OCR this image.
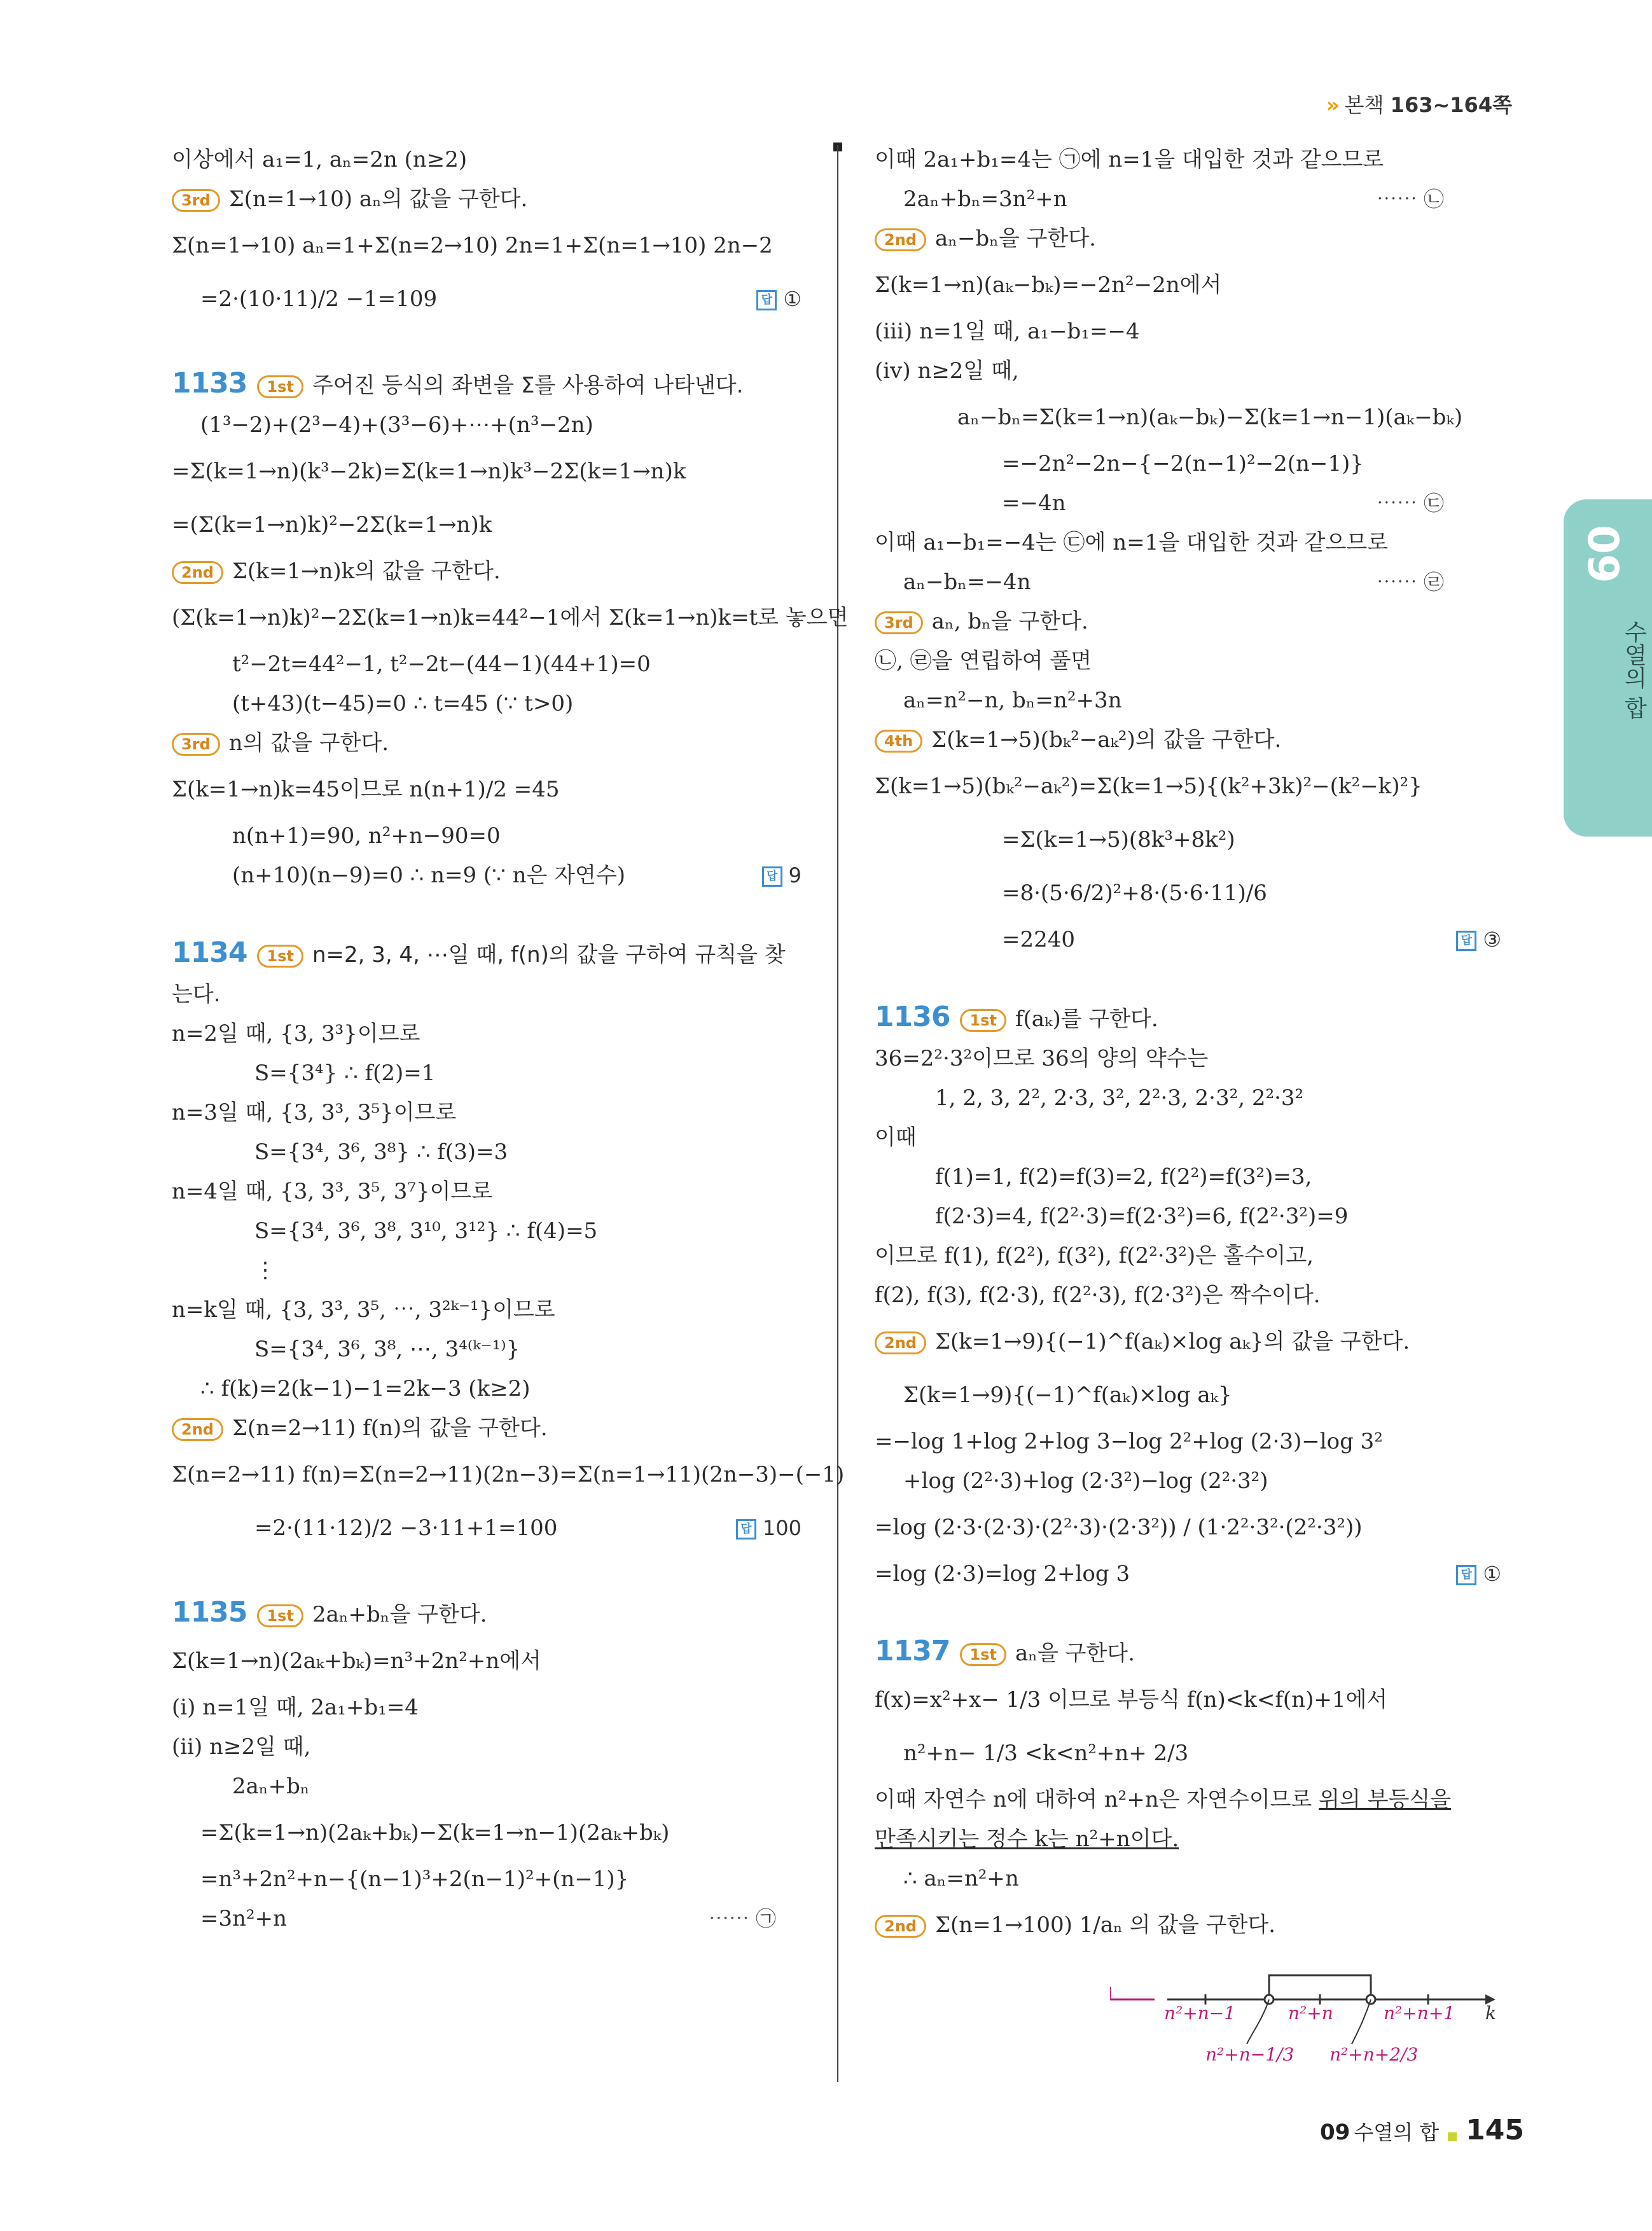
» 본책 163~164쪽
이상에서 a₁=1, aₙ=2n (n≥2)
3rd Σ(n=1→10) aₙ의 값을 구한다.
Σ(n=1→10) aₙ=1+Σ(n=2→10) 2n=1+Σ(n=1→10) 2n−2
=2·(10·11)/2 −1=109	답 ①
1133 1st 주어진 등식의 좌변을 Σ를 사용하여 나타낸다.
(1³−2)+(2³−4)+(3³−6)+⋯+(n³−2n)
=Σ(k=1→n)(k³−2k)=Σ(k=1→n)k³−2Σ(k=1→n)k
=(Σ(k=1→n)k)²−2Σ(k=1→n)k
2nd Σ(k=1→n)k의 값을 구한다.
(Σ(k=1→n)k)²−2Σ(k=1→n)k=44²−1에서 Σ(k=1→n)k=t로 놓으면
t²−2t=44²−1, t²−2t−(44−1)(44+1)=0
(t+43)(t−45)=0 ∴ t=45 (∵ t>0)
3rd n의 값을 구한다.
Σ(k=1→n)k=45이므로 n(n+1)/2 =45
n(n+1)=90, n²+n−90=0
(n+10)(n−9)=0 ∴ n=9 (∵ n은 자연수)	답 9
1134 1st n=2, 3, 4, ⋯일 때, f(n)의 값을 구하여 규칙을 찾
는다.
n=2일 때, {3, 3³}이므로
S={3⁴} ∴ f(2)=1
n=3일 때, {3, 3³, 3⁵}이므로
S={3⁴, 3⁶, 3⁸} ∴ f(3)=3
n=4일 때, {3, 3³, 3⁵, 3⁷}이므로
S={3⁴, 3⁶, 3⁸, 3¹⁰, 3¹²} ∴ f(4)=5
⋮
n=k일 때, {3, 3³, 3⁵, ⋯, 3²ᵏ⁻¹}이므로
S={3⁴, 3⁶, 3⁸, ⋯, 3⁴⁽ᵏ⁻¹⁾}
∴ f(k)=2(k−1)−1=2k−3 (k≥2)
2nd Σ(n=2→11) f(n)의 값을 구한다.
Σ(n=2→11) f(n)=Σ(n=2→11)(2n−3)=Σ(n=1→11)(2n−3)−(−1)
=2·(11·12)/2 −3·11+1=100	답 100
1135 1st 2aₙ+bₙ을 구한다.
Σ(k=1→n)(2aₖ+bₖ)=n³+2n²+n에서
(i) n=1일 때, 2a₁+b₁=4
(ii) n≥2일 때,
2aₙ+bₙ
=Σ(k=1→n)(2aₖ+bₖ)−Σ(k=1→n−1)(2aₖ+bₖ)
=n³+2n²+n−{(n−1)³+2(n−1)²+(n−1)}
=3n²+n	⋯⋯ ㉠
이때 2a₁+b₁=4는 ㉠에 n=1을 대입한 것과 같으므로
2aₙ+bₙ=3n²+n	⋯⋯ ㉡
2nd aₙ−bₙ을 구한다.
Σ(k=1→n)(aₖ−bₖ)=−2n²−2n에서
(iii) n=1일 때, a₁−b₁=−4
(iv) n≥2일 때,
aₙ−bₙ=Σ(k=1→n)(aₖ−bₖ)−Σ(k=1→n−1)(aₖ−bₖ)
=−2n²−2n−{−2(n−1)²−2(n−1)}
=−4n	⋯⋯ ㉢
이때 a₁−b₁=−4는 ㉢에 n=1을 대입한 것과 같으므로
aₙ−bₙ=−4n	⋯⋯ ㉣
3rd aₙ, bₙ을 구한다.
㉡, ㉣을 연립하여 풀면
aₙ=n²−n, bₙ=n²+3n
4th Σ(k=1→5)(bₖ²−aₖ²)의 값을 구한다.
Σ(k=1→5)(bₖ²−aₖ²)=Σ(k=1→5){(k²+3k)²−(k²−k)²}
=Σ(k=1→5)(8k³+8k²)
=8·(5·6/2)²+8·(5·6·11)/6
=2240	답 ③
1136 1st f(aₖ)를 구한다.
36=2²·3²이므로 36의 양의 약수는
1, 2, 3, 2², 2·3, 3², 2²·3, 2·3², 2²·3²
이때
f(1)=1, f(2)=f(3)=2, f(2²)=f(3²)=3,
f(2·3)=4, f(2²·3)=f(2·3²)=6, f(2²·3²)=9
이므로 f(1), f(2²), f(3²), f(2²·3²)은 홀수이고,
f(2), f(3), f(2·3), f(2²·3), f(2·3²)은 짝수이다.
2nd Σ(k=1→9){(−1)^f(aₖ)×log aₖ}의 값을 구한다.
Σ(k=1→9){(−1)^f(aₖ)×log aₖ}
=−log 1+log 2+log 3−log 2²+log (2·3)−log 3²
+log (2²·3)+log (2·3²)−log (2²·3²)
=log (2·3·(2·3)·(2²·3)·(2·3²)) / (1·2²·3²·(2²·3²))
=log (2·3)=log 2+log 3	답 ①
1137 1st aₙ을 구한다.
f(x)=x²+x− 1/3 이므로 부등식 f(n)<k<f(n)+1에서
n²+n− 1/3 <k<n²+n+ 2/3
이때 자연수 n에 대하여 n²+n은 자연수이므로 위의 부등식을
만족시키는 정수 k는 n²+n이다.
∴ aₙ=n²+n
2nd Σ(n=1→100) 1/aₙ 의 값을 구한다.
n²+n−1	n²+n	n²+n+1 k
n²+n−1/3 n²+n+2/3
09
수열의 합
09 수열의 합 145
